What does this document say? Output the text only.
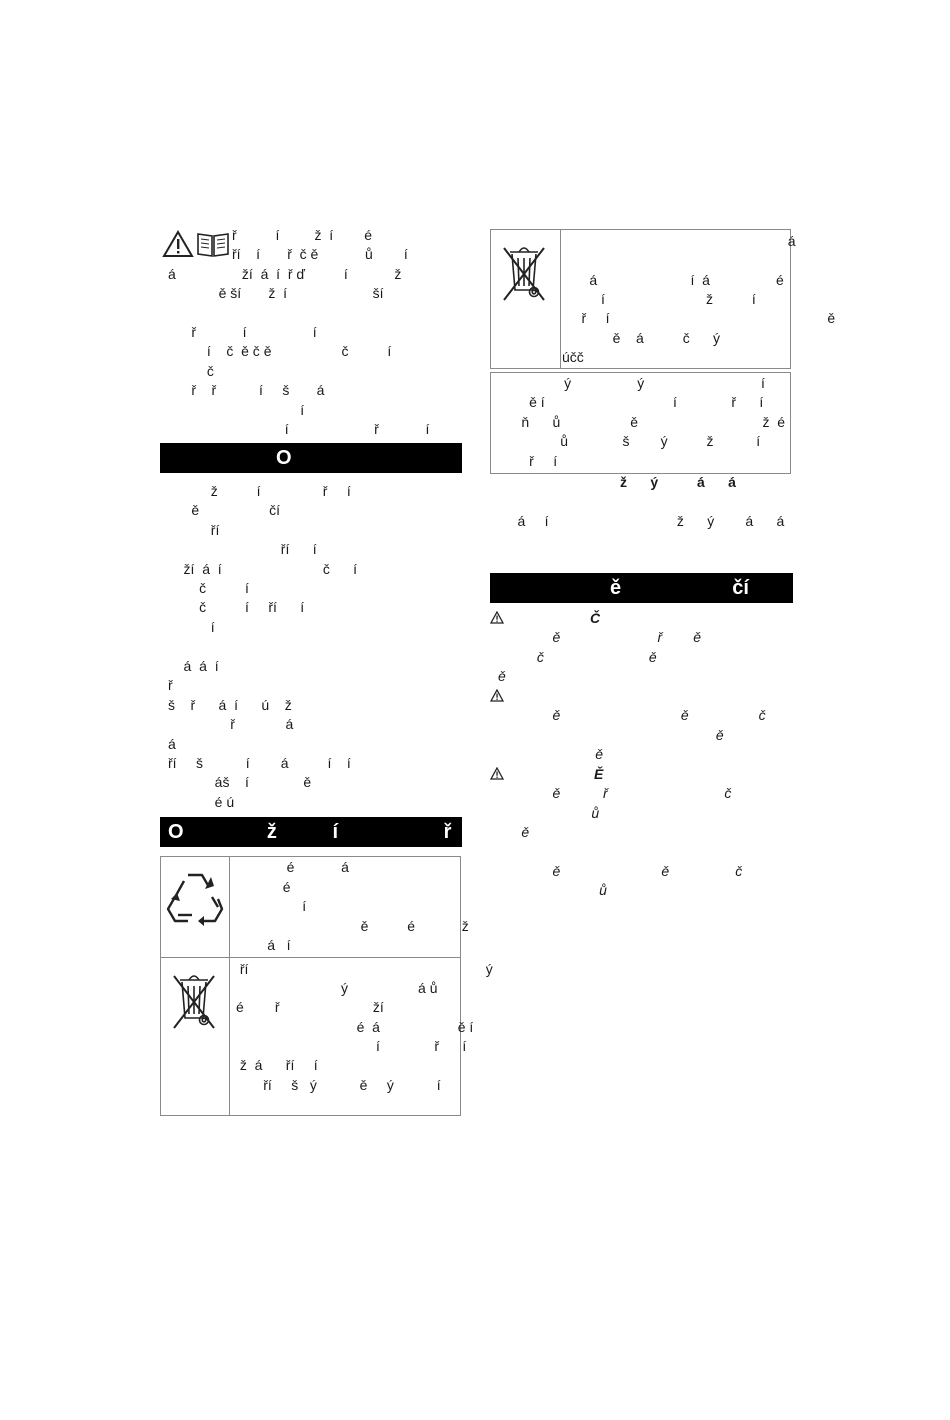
ř          í         ž  í        é
ří    í       ř  č ě            ů        í
á                 ží  á  í  ř ď          í            ž
ě ší       ž  í                      ší
ř            í                 í
í    č  ě č ě                  č          í
č
ř    ř           í     š       á
í
í                      ř            í

O

ž          í                ř     í
ě                  čí
ří
ří      í
ží  á  í                          č      í
č          í
č          í     ří      í
í
á  á  í
ř
š    ř      á  í      ú    ž
ř             á
á
ří     š           í        á          í    í
áš    í              ě
é ú

O               ž          í                   ř     í

é            á
é
í
ě          é            ž
á   í
ří                                                             ý
ý                  á ů
é        ř                        ží
é  á                    ě í
í              ř      í
ž  á      ří     í
ří     š   ý           ě     ý           í
á
á                        í  á                 é
í                          ž          í
ř     í                                                        ě
ě    á          č      ý
účč
ý                 ý                              í
ě í                                 í              ř      í
ň      ů                  ě                                ž  é
ů              š        ý          ž           í
ř     í
ž      ý          á      á
á     í                                 ž      ý        á      á

ě                    čí

Č
ě                         ř        ě
č                           ě
ě
ě                               ě                  č
ě
ě
Ě
ě           ř                              č
ů
ě
ě                          ě                 č
ů
